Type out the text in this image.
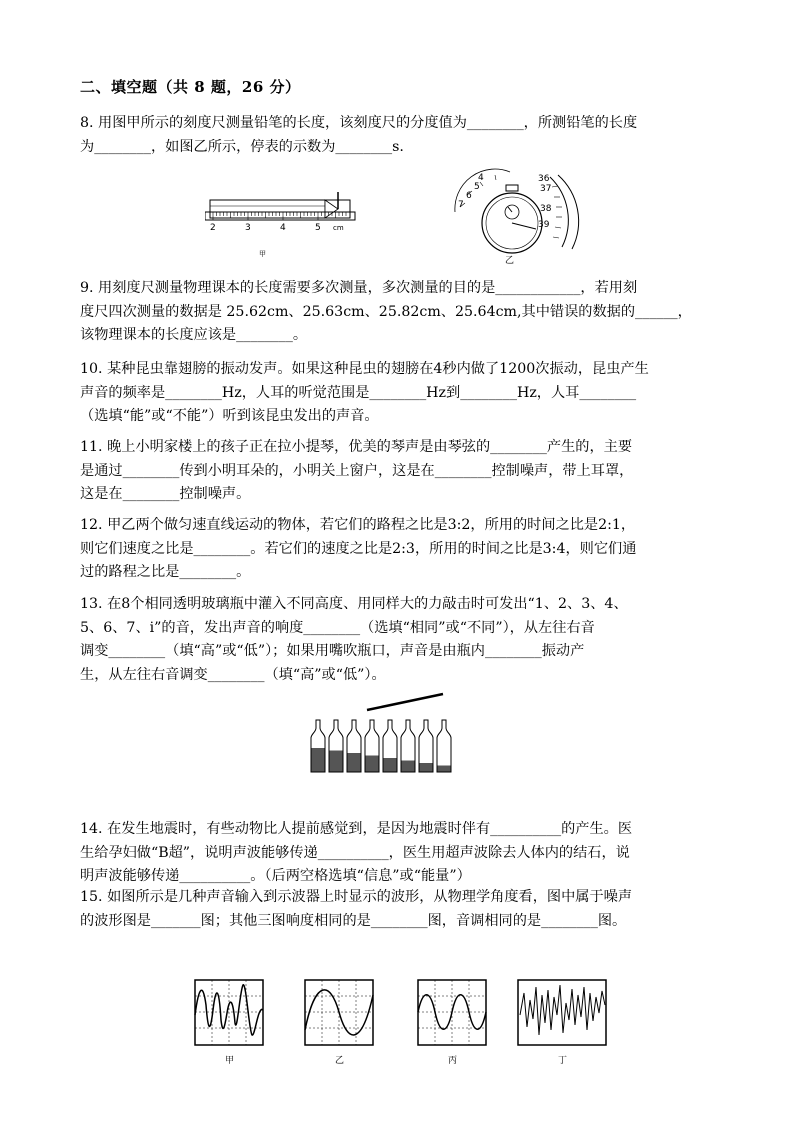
二、填空题（共 8 题，26 分）

8. 用图甲所示的刻度尺测量铅笔的长度，该刻度尺的分度值为________，所测铅笔的长度

为________，如图乙所示，停表的示数为________s.

2	3	4	5 cm
甲
4
5
6
7
36
37
38
39
乙

9. 用刻度尺测量物理课本的长度需要多次测量，多次测量的目的是____________，若用刻

度尺四次测量的数据是 25.62cm、25.63cm、25.82cm、25.64cm,其中错误的数据的______，

该物理课本的长度应该是________。

10. 某种昆虫靠翅膀的振动发声。如果这种昆虫的翅膀在4秒内做了1200次振动，昆虫产生

声音的频率是________Hz，人耳的听觉范围是________Hz到________Hz，人耳________

（选填“能”或“不能”）听到该昆虫发出的声音。

11. 晚上小明家楼上的孩子正在拉小提琴，优美的琴声是由琴弦的________产生的，主要

是通过________传到小明耳朵的，小明关上窗户，这是在________控制噪声，带上耳罩，

这是在________控制噪声。

12. 甲乙两个做匀速直线运动的物体，若它们的路程之比是3:2，所用的时间之比是2:1，

则它们速度之比是________。若它们的速度之比是2:3，所用的时间之比是3:4，则它们通

过的路程之比是________。

13. 在8个相同透明玻璃瓶中灌入不同高度、用同样大的力敲击时可发出“1、2、3、4、

5、6、7、i”的音，发出声音的响度________（选填“相同”或“不同”），从左往右音

调变________（填“高”或“低”）；如果用嘴吹瓶口，声音是由瓶内________振动产

生，从左往右音调变________（填“高”或“低”）。

14. 在发生地震时，有些动物比人提前感觉到，是因为地震时伴有__________的产生。医

生给孕妇做“B超”，说明声波能够传递__________，医生用超声波除去人体内的结石，说

明声波能够传递__________。（后两空格选填“信息”或“能量”）

15. 如图所示是几种声音输入到示波器上时显示的波形，从物理学角度看，图中属于噪声

的波形图是_______图；其他三图响度相同的是________图，音调相同的是________图。

甲	乙	丙	丁
